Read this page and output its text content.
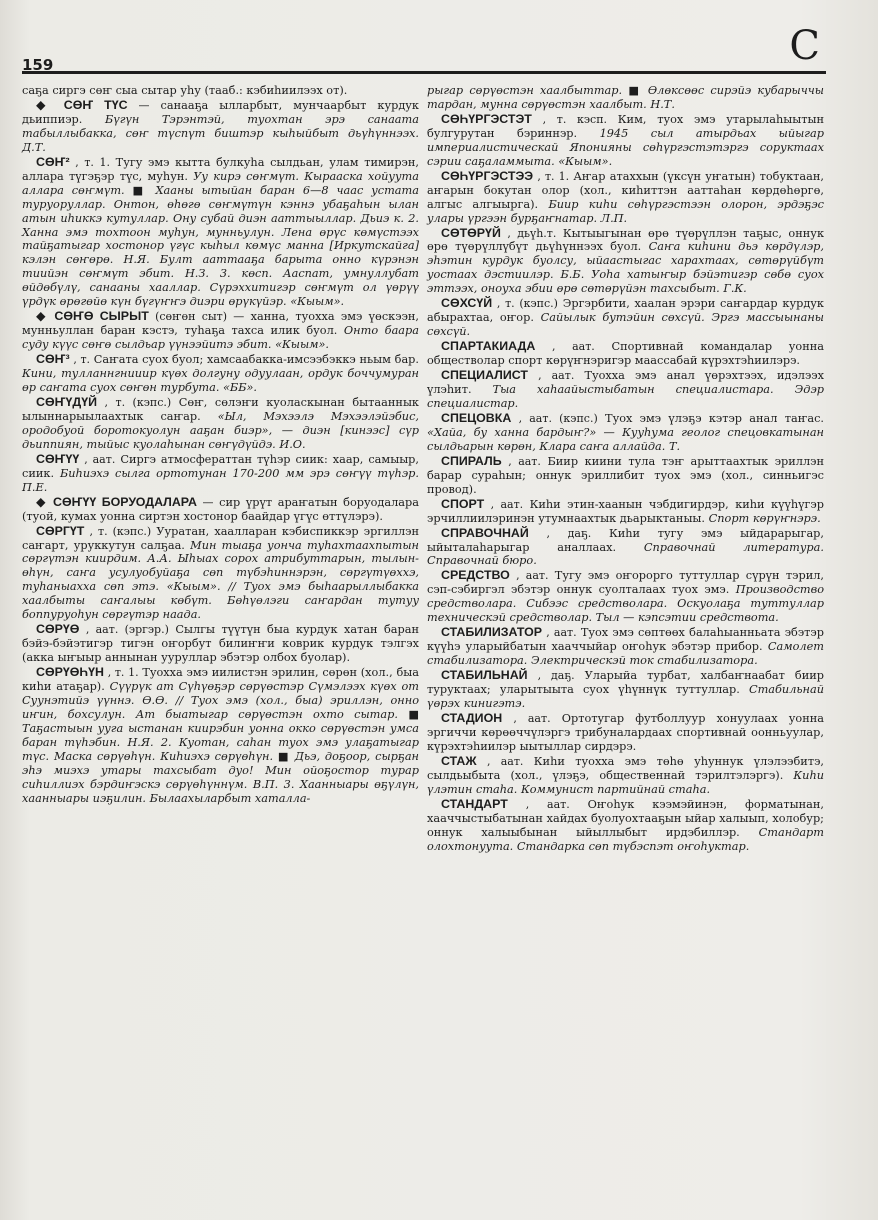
159	С

саҕа сиргэ сөҥ сыа сытар уһу (тааб.: кэбиһиилээх от).

◆ СӨҤ ТҮС — санааҕа ылларбыт, мунчаарбыт курдук дьиппиэр. Бүгүн Тэрэнтэй, туохтан эрэ санаата табыллыбакка, сөҥ түспүт биштэр кыһыйбыт дьүһүннээх. Д.Т.

СӨҤ² , т. 1. Тугу эмэ кытта булкуһа сылдьан, улам тимирэн, аллара түгэҕэр түс, муһун. Уу кирэ сөҥмүт. Кырааска хойуута аллара сөҥмүт. ■ Хааны ытыйан баран 6—8 чаас устата туруоруллар. Онтон, өһөгө сөҥмүтүн кэннэ убаҕаһын ылан атын иһиккэ кутуллар. Ону субай диэн ааттыыллар. Дьиэ к. 2. Ханна эмэ тохтоон муһун, мунньулун. Лена өрүс көмүстээх тайҕатыгар хостонор үгүс кыһыл көмүс манна [Иркутскайга] кэлэн сөҥөрө. Н.Я. Булт ааттааҕа барыта онно күрэнэн тиийэн сөҥмүт эбит. Н.З. 3. көсп. Ааспат, умнуллубат өйдөбүлү, санааны хааллар. Сүрэххитигэр сөҥмүт ол үөрүү үрдүк өрөгөйө күн бүгүҥҥэ диэри өрүкүйэр. «Кыым».

◆ СӨҤӨ СЫРЫТ (сөҥөн сыт) — ханна, туохха эмэ үөскээн, мунньуллан баран кэстэ, туһаҕа тахса илик буол. Онто баара суду күүс сөҥө сылдьар үүнээйитэ эбит. «Кыым».

СӨҤ³ , т. Саҥата суох буол; хамсаабакка-имсээбэккэ ньым бар. Кини, тулланнгнииир күөх долгуну одуулаан, ордук боччумуран өр саҥата суох сөҥөн турбута. «ББ».

СӨҤҮДҮЙ , т. (кэпс.) Сөҥ, сөлэҥи куоласкынан бытааннык ылыннарыылаахтык саҥар. «Ыл, Мэхээлэ Мэхээлэйэбис, ородобуой боротокуолун ааҕан биэр», — диэн [кинээс] сүр дьиппиян, тыйыс куолаһынан сөҥүдүйдэ. И.О.

СӨҤҮҮ , аат. Сиргэ атмосфераттан түһэр сиик: хаар, самыыр, сиик. Биһиэхэ сылга ортотунан 170-200 мм эрэ сөҥүү түһэр. П.Е.

◆ СӨҤҮҮ БОРУОДАЛАРА — сир үрүт араҥатын боруодалара (туой, кумах уонна сиртэн хостонор баайдар үгүс өттүлэрэ).

СӨРГҮТ , т. (кэпс.) Ууратан, хаалларан кэбиспиккэр эргиллэн саҥарт, уруккутун салҕаа. Мин тыаҕа уончa туһахтаахпытын сөргүтэн кииpдим. А.А. Ыһыах сорох атрибуттарын, тылын-өһүн, саҥа усулуобуйаҕа сөп түбэһиннэрэн, сөргүтүөххэ, туһаныахха сөп этэ. «Кыым». // Туох эмэ быһаарыллыбакка хаалбыты саҥалыы көбүт. Бөһүөлэги саҥардан тутуу боппуруоһун сөргүтэр наада.

СӨРҮӨ , аат. (эргэр.) Сылгы түүтүн быа курдук хатан баран бэйэ-бэйэтигэр тигэн оҥорбут билиҥҥи коврик курдук тэлгэх (акка ыҥыыр аннынан ууруллар эбэтэр олбох буолар).

СӨРҮӨҺҮН , т. 1. Туохха эмэ иилистэн эрилин, сөрөн (хол., быа киһи атаҕар). Сүүрүк ат Сүһүөҕэр сөрүөстэр Сүмэлээх күөх от Суунэтийэ үүннэ. Ө.Ө. // Туох эмэ (хол., быа) эриллэн, онно иҥин, бохсулун. Ат быатыгар сөрүөстэн охто сытар. ■ Таҕастыын ууга ыстанан киирэбин уонна окко сөрүөстэн умса баран түһэбин. Н.Я. 2. Куотан, саһан туох эмэ улаҕатыгар түс. Маска сөрүөһүн. Киһиэхэ сөрүөһүн. ■ Дьэ, доҕоор, сырҕан эһэ миэхэ утары тахсыбат дуо! Мин ойоҕостор турар сиһиллиэх бэрдиҥэскэ сөрүөһүннүм. В.П. 3. Хаанныары өҕүлүн, хаанныары иэҕилин. Былаахыларбыт хаталла-

рыгар сөрүөстэн хаалбыттар. ■ Өлөксөөс сирэйэ кубарыччы тардан, мунна сөрүөстэн хаалбыт. Н.Т.

СӨҺҮРГЭСТЭТ , т. кэсп. Ким, туох эмэ утарылаһыытын булгурутан бэриннэр. 1945 сыл атырдьах ыйыгар империалистическай Японияны сөһүргэстэтэргэ соруктаах сэрии саҕаламмыта. «Кыым».

СӨҺҮРГЭСТЭЭ , т. 1. Аҥар атаххын (үксүн уҥатын) тобуктаан, аҥарын бокутан олор (хол., киһиттэн ааттаһан көрдөһөргө, алгыс алгыырга). Биир киһи сөһүргэстээн олорон, эрдэҕэс улары үргээн бурҕаҥнатар. Л.П.

СӨТӨРҮЙ , дьүһ.т. Кытыыгынан өрө түөрүллэн таҕыс, оннук өрө түөрүллүбүт дьүһүннээх буол. Саҥа киһини дьэ көрдүлэр, эһэтин курдук буолсу, ыйааcтыгас харахтаах, сөтөрүйбүт уостаах дэстиилэр. Б.Б. Уоһа хатыҥыр бэйэтигэр сөбө суох эттээх, оноуха эбии өрө сөтөрүйэн тахсыбыт. Г.К.

СӨХСҮЙ , т. (кэпс.) Эргэрбити, хаалан эрэри саҥардар курдук абырахтаа, оҥор. Сайылык бутэйин сөхсүй. Эргэ массыынаны сөхсүй.

СПАРТАКИАДА , аат. Спортивнай командалар уонна обществолар спорт көрүҥнэригэр маассабай күрэхтэһиилэрэ.

СПЕЦИАЛИСТ , аат. Туохха эмэ анал үөрэхтээх, идэлээх үлэһит. Тыа хаһаайыстыбатын специалистара. Эдэр специалистар.

СПЕЦОВКА , аат. (кэпс.) Туох эмэ үлэҕэ кэтэр анал таҥас. «Хайа, бу ханна бардыҥ?» — Кууһума геолог спецовкатынан сылдьарын көрөн, Клара саҥа аллайда. Т.

СПИРАЛЬ , аат. Биир киини тула тэҥ арыттаахтык эриллэн барар сураһын; оннук эриллибит туох эмэ (хол., синньигэс провод).

СПОРТ , аат. Киһи этин-хаанын чэбдигирдэр, киһи күүһүгэр эрчиллиилэринэн утумнаахтык дьарыктаныы. Спорт көрүҥнэрэ.

СПРАВОЧНАЙ , даҕ. Киһи тугу эмэ ыйдарарыгар, ыйыталаһарыгар аналлаах. Справочнай литература. Справочнай бюро.

СРЕДСТВО , аат. Тугу эмэ оҥорорго туттуллар сүрүн тэрил, сэп-сэбиргэл эбэтэр оннук суолталаах туох эмэ. Производство средстволара. Сибээс средстволара. Оскуолаҕа туттуллар техническэй средстволар. Тыл — кэпсэтии средствота.

СТАБИЛИЗАТОР , аат. Туох эмэ сөптөөх балаһыанньата эбэтэр күүһэ уларыйбатын хааччыйар оҥоһук эбэтэр прибор. Самолет стабилизатора. Электрическэй ток стабилизатора.

СТАБИЛЬНАЙ , даҕ. Уларыйа турбат, халбаҥнаабат биир туруктаах; уларытыыта суох үһүннүк туттуллар. Стабильнай үөрэх кинигэтэ.

СТАДИОН , аат. Ортотугар футболлуур хонуулаах уонна эргиччи көрөөччүлэргэ трибуналардаах спортивнай оонньуулар, күрэхтэһиилэр ыытыллар сирдэрэ.

СТАЖ , аат. Киһи туохха эмэ төһө уһуннук үлэлээбитэ, сылдьыбыта (хол., үлэҕэ, общественнай тэрилтэлэргэ). Киһи үлэтин стаһа. Коммунист партийнай стаһа.

СТАНДАРТ , аат. Оҥоһук кээмэйинэн, форматынан, хааччыстыбатынан хайдах буолуохтааҕын ыйар халыып, холобур; оннук халыыбынан ыйыллыбыт ирдэбиллэр. Стандарт олохтонуута. Стандарка сөп түбэспэт оҥоһуктар.
